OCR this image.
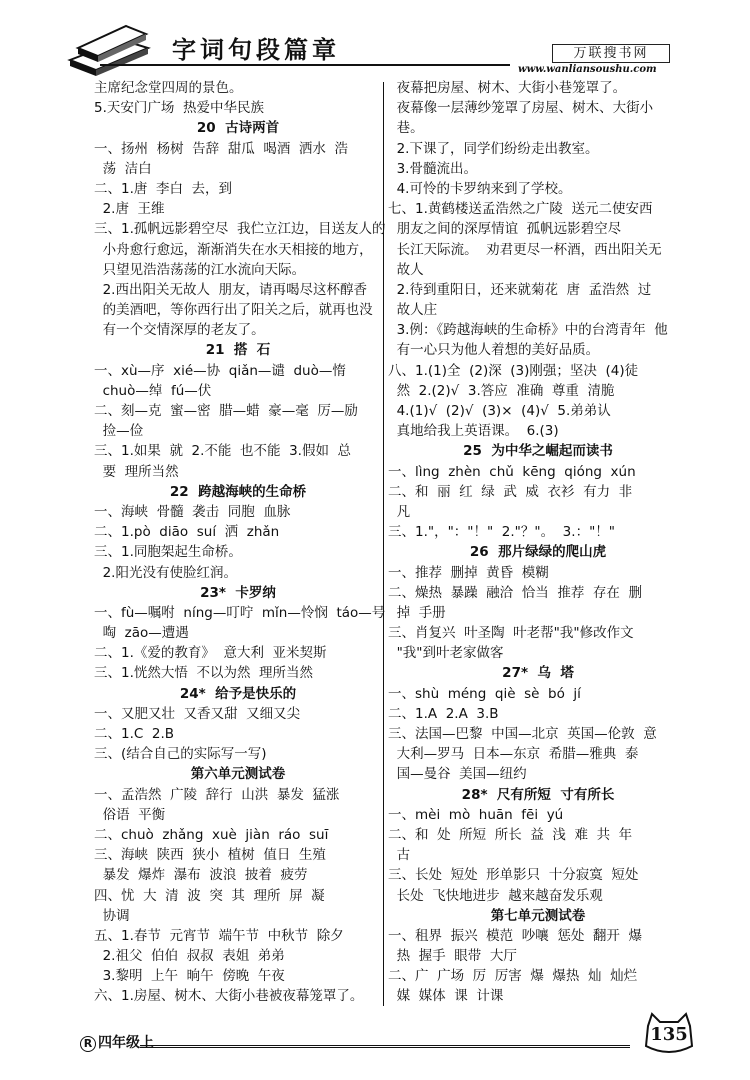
字词句段篇章	万联搜书网
www.wanliansoushu.com
主席纪念堂四周的景色。
5.天安门广场  热爱中华民族
20  古诗两首
一、扬州  杨树  告辞  甜瓜  喝酒  洒水  浩
荡  洁白
二、1.唐  李白  去，到
2.唐  王维
三、1.孤帆远影碧空尽  我伫立江边，目送友人的
小舟愈行愈远，渐渐消失在水天相接的地方，
只望见浩浩荡荡的江水流向天际。
2.西出阳关无故人  朋友，请再喝尽这杯醇香
的美酒吧，等你西行出了阳关之后，就再也没
有一个交情深厚的老友了。
21  搭  石
一、xù—序  xié—协  qiǎn—谴  duò—惰
chuò—绰  fú—伏
二、刻—克  蜜—密  腊—蜡  豪—毫  厉—励
捡—俭
三、1.如果  就  2.不能  也不能  3.假如  总
要  理所当然
22  跨越海峡的生命桥
一、海峡  骨髓  袭击  同胞  血脉
二、1.pò  diāo  suí  洒  zhǎn
三、1.同胞架起生命桥。
2.阳光没有使脸红润。
23*  卡罗纳
一、fù—嘱咐  níng—叮咛  mǐn—怜悯  táo—号
啕  zāo—遭遇
二、1.《爱的教育》  意大利  亚米契斯
三、1.恍然大悟  不以为然  理所当然
24*  给予是快乐的
一、又肥又壮  又香又甜  又细又尖
二、1.C  2.B
三、(结合自己的实际写一写)
第六单元测试卷
一、孟浩然  广陵  辞行  山洪  暴发  猛涨
俗语  平衡
二、chuò  zhǎng  xuè  jiàn  ráo  suī
三、海峡  陕西  狭小  植树  值日  生殖
暴发  爆炸  瀑布  波浪  披着  疲劳
四、忧  大  清  波  突  其  理所  屏  凝
协调
五、1.春节  元宵节  端午节  中秋节  除夕
2.祖父  伯伯  叔叔  表姐  弟弟
3.黎明  上午  晌午  傍晚  午夜
六、1.房屋、树木、大街小巷被夜幕笼罩了。
夜幕把房屋、树木、大街小巷笼罩了。
夜幕像一层薄纱笼罩了房屋、树木、大街小
巷。
2.下课了，同学们纷纷走出教室。
3.骨髓流出。
4.可怜的卡罗纳来到了学校。
七、1.黄鹤楼送孟浩然之广陵  送元二使安西
朋友之间的深厚情谊  孤帆远影碧空尽
长江天际流。  劝君更尽一杯酒，西出阳关无
故人
2.待到重阳日，还来就菊花  唐  孟浩然  过
故人庄
3.例：《跨越海峡的生命桥》中的台湾青年  他
有一心只为他人着想的美好品质。
八、1.(1)全  (2)深  (3)刚强；坚决  (4)徒
然  2.(2)√  3.答应  准确  尊重  清脆
4.(1)√  (2)√  (3)×  (4)√  5.弟弟认
真地给我上英语课。  6.(3)
25  为中华之崛起而读书
一、lìng  zhèn  chǔ  kēng  qióng  xún
二、和  丽  红  绿  武  威  衣衫  有力  非
凡
三、1."，"："！"  2."？"。  3.："！"
26  那片绿绿的爬山虎
一、推荐  删掉  黄昏  模糊
二、燥热  暴躁  融洽  恰当  推荐  存在  删
掉  手册
三、肖复兴  叶圣陶  叶老帮"我"修改作文
"我"到叶老家做客
27*  乌  塔
一、shù  méng  qiè  sè  bó  jí
二、1.A  2.A  3.B
三、法国—巴黎  中国—北京  英国—伦敦  意
大利—罗马  日本—东京  希腊—雅典  泰
国—曼谷  美国—纽约
28*  尺有所短  寸有所长
一、mèi  mò  huān  fēi  yú
二、和  处  所短  所长  益  浅  难  共  年
古
三、长处  短处  形单影只  十分寂寞  短处
长处  飞快地进步  越来越奋发乐观
第七单元测试卷
一、租界  振兴  模范  吵嚷  惩处  翻开  爆
热  握手  眼带  大厅
二、广  广场  厉  厉害  爆  爆热  灿  灿烂
媒  媒体  课  计课
R 四年级上	135
